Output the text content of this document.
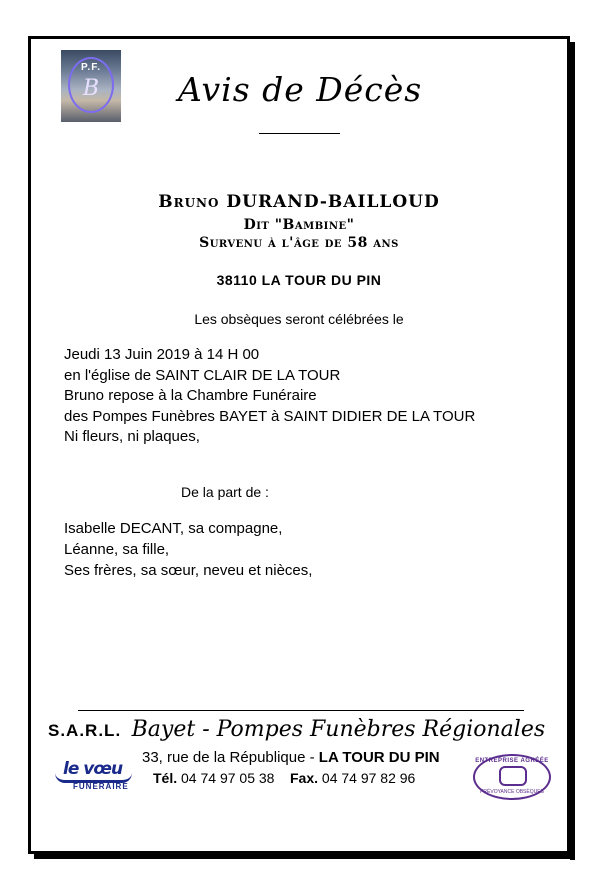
P.F.
B	Avis de Décès
Bruno DURAND-BAILLOUD
Dit "Bambine"
Survenu à l'âge de 58 ans
38110 LA TOUR DU PIN
Les obsèques seront célébrées le
Jeudi 13 Juin 2019 à 14 H 00
en l'église de SAINT CLAIR DE LA TOUR
Bruno repose à la Chambre Funéraire
des Pompes Funèbres BAYET à SAINT DIDIER DE LA TOUR
Ni fleurs, ni plaques,
De la part de :
Isabelle DECANT, sa compagne,
Léanne, sa fille,
Ses frères, sa sœur, neveu et nièces,
S.A.R.L. Bayet - Pompes Funèbres Régionales
33, rue de la République - LA TOUR DU PIN
Tél. 04 74 97 05 38 Fax. 04 74 97 82 96
le vœu
FUNÉRAIRE
ENTREPRISE AGRÉÉE
PRÉVOYANCE OBSÈQUES
